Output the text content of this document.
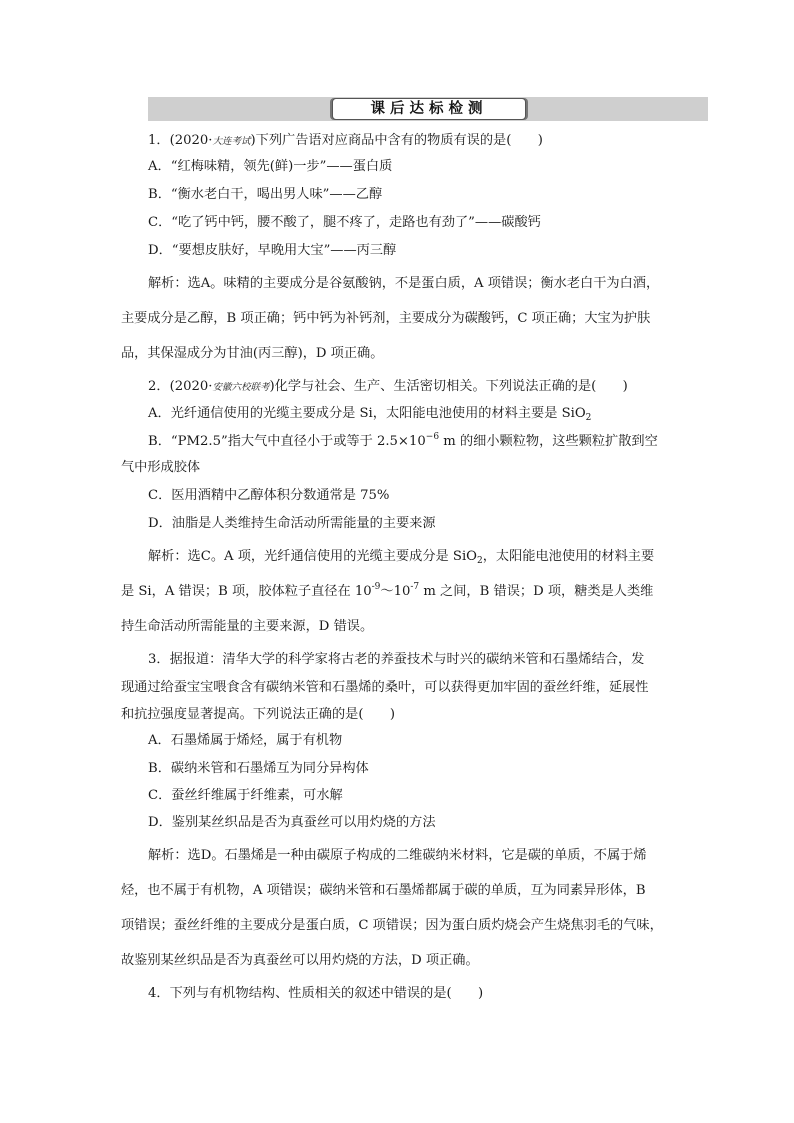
课后达标检测
1．(2020·大连考试)下列广告语对应商品中含有的物质有误的是(　　)
A．“红梅味精，领先(鲜)一步”——蛋白质
B．“衡水老白干，喝出男人味”——乙醇
C．“吃了钙中钙，腰不酸了，腿不疼了，走路也有劲了”——碳酸钙
D．“要想皮肤好，早晚用大宝”——丙三醇
解析：选A。味精的主要成分是谷氨酸钠，不是蛋白质，A 项错误；衡水老白干为白酒，
主要成分是乙醇，B 项正确；钙中钙为补钙剂，主要成分为碳酸钙，C 项正确；大宝为护肤
品，其保湿成分为甘油(丙三醇)，D 项正确。
2．(2020·安徽六校联考)化学与社会、生产、生活密切相关。下列说法正确的是(　　)
A．光纤通信使用的光缆主要成分是 Si，太阳能电池使用的材料主要是 SiO$_2$
B．“PM2.5”指大气中直径小于或等于 $2.5\times 10^{-6}$ m 的细小颗粒物，这些颗粒扩散到空
气中形成胶体
C．医用酒精中乙醇体积分数通常是 75%
D．油脂是人类维持生命活动所需能量的主要来源
解析：选C。A 项，光纤通信使用的光缆主要成分是 SiO$_2$，太阳能电池使用的材料主要
是 Si，A 错误；B 项，胶体粒子直径在 $10^{-9}\sim 10^{-7}$ m 之间，B 错误；D 项，糖类是人类维
持生命活动所需能量的主要来源，D 错误。
3．据报道：清华大学的科学家将古老的养蚕技术与时兴的碳纳米管和石墨烯结合，发
现通过给蚕宝宝喂食含有碳纳米管和石墨烯的桑叶，可以获得更加牢固的蚕丝纤维，延展性
和抗拉强度显著提高。下列说法正确的是(　　)
A．石墨烯属于烯烃，属于有机物
B．碳纳米管和石墨烯互为同分异构体
C．蚕丝纤维属于纤维素，可水解
D．鉴别某丝织品是否为真蚕丝可以用灼烧的方法
解析：选D。石墨烯是一种由碳原子构成的二维碳纳米材料，它是碳的单质，不属于烯
烃，也不属于有机物，A 项错误；碳纳米管和石墨烯都属于碳的单质，互为同素异形体，B
项错误；蚕丝纤维的主要成分是蛋白质，C 项错误；因为蛋白质灼烧会产生烧焦羽毛的气味，
故鉴别某丝织品是否为真蚕丝可以用灼烧的方法，D 项正确。
4．下列与有机物结构、性质相关的叙述中错误的是(　　)
